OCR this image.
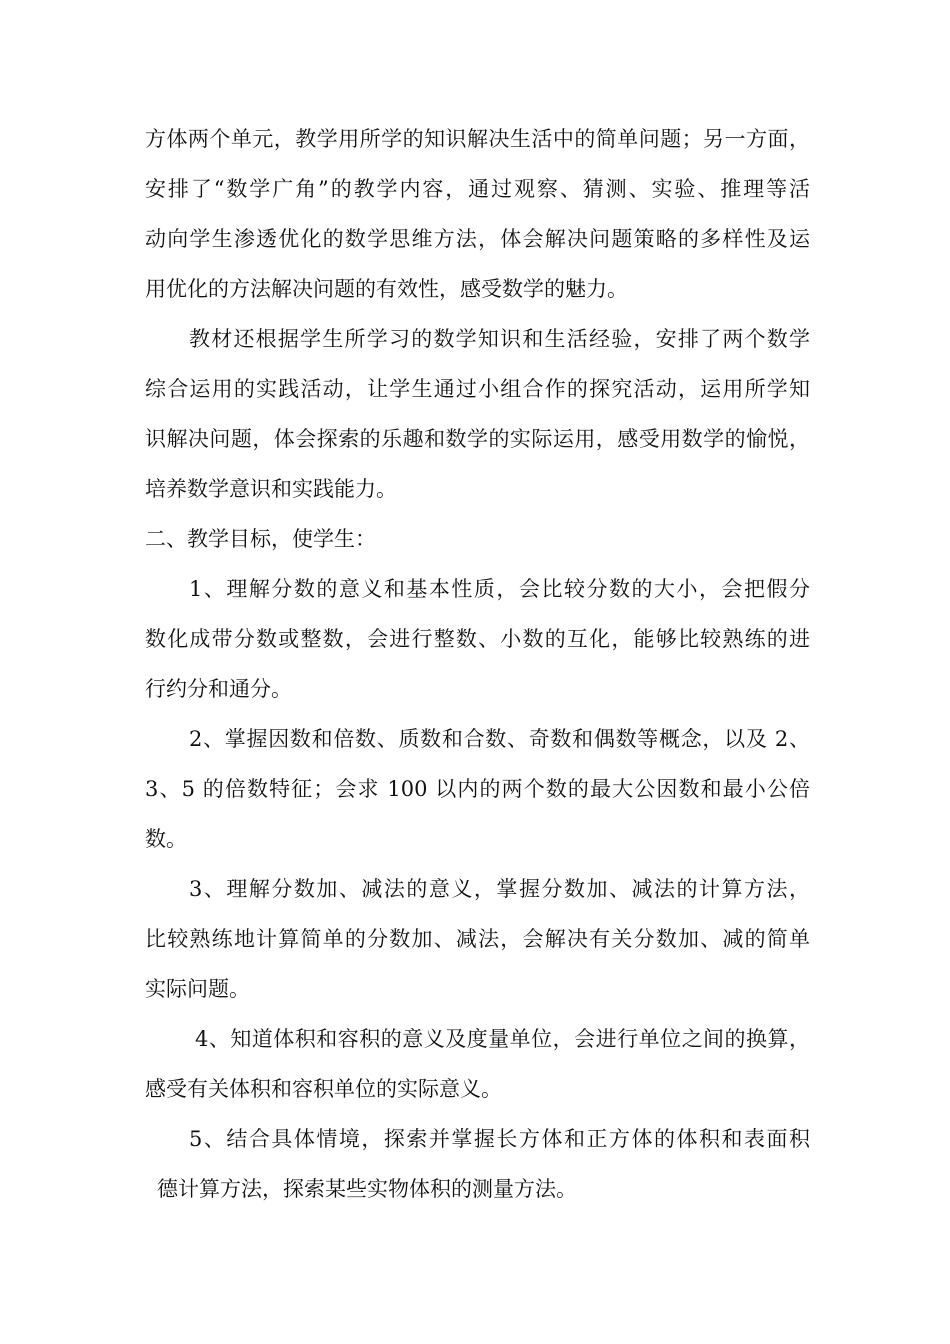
方体两个单元，教学用所学的知识解决生活中的简单问题；另一方面，
安排了“数学广角”的教学内容，通过观察、猜测、实验、推理等活
动向学生渗透优化的数学思维方法，体会解决问题策略的多样性及运
用优化的方法解决问题的有效性，感受数学的魅力。
教材还根据学生所学习的数学知识和生活经验，安排了两个数学
综合运用的实践活动，让学生通过小组合作的探究活动，运用所学知
识解决问题，体会探索的乐趣和数学的实际运用，感受用数学的愉悦，
培养数学意识和实践能力。
二、教学目标，使学生：
1、理解分数的意义和基本性质，会比较分数的大小，会把假分
数化成带分数或整数，会进行整数、小数的互化，能够比较熟练的进
行约分和通分。
2、掌握因数和倍数、质数和合数、奇数和偶数等概念，以及 2、
3、5 的倍数特征；会求 100 以内的两个数的最大公因数和最小公倍
数。
3、理解分数加、减法的意义，掌握分数加、减法的计算方法，
比较熟练地计算简单的分数加、减法，会解决有关分数加、减的简单
实际问题。
4、知道体积和容积的意义及度量单位，会进行单位之间的换算，
感受有关体积和容积单位的实际意义。
5、结合具体情境，探索并掌握长方体和正方体的体积和表面积
德计算方法，探索某些实物体积的测量方法。
